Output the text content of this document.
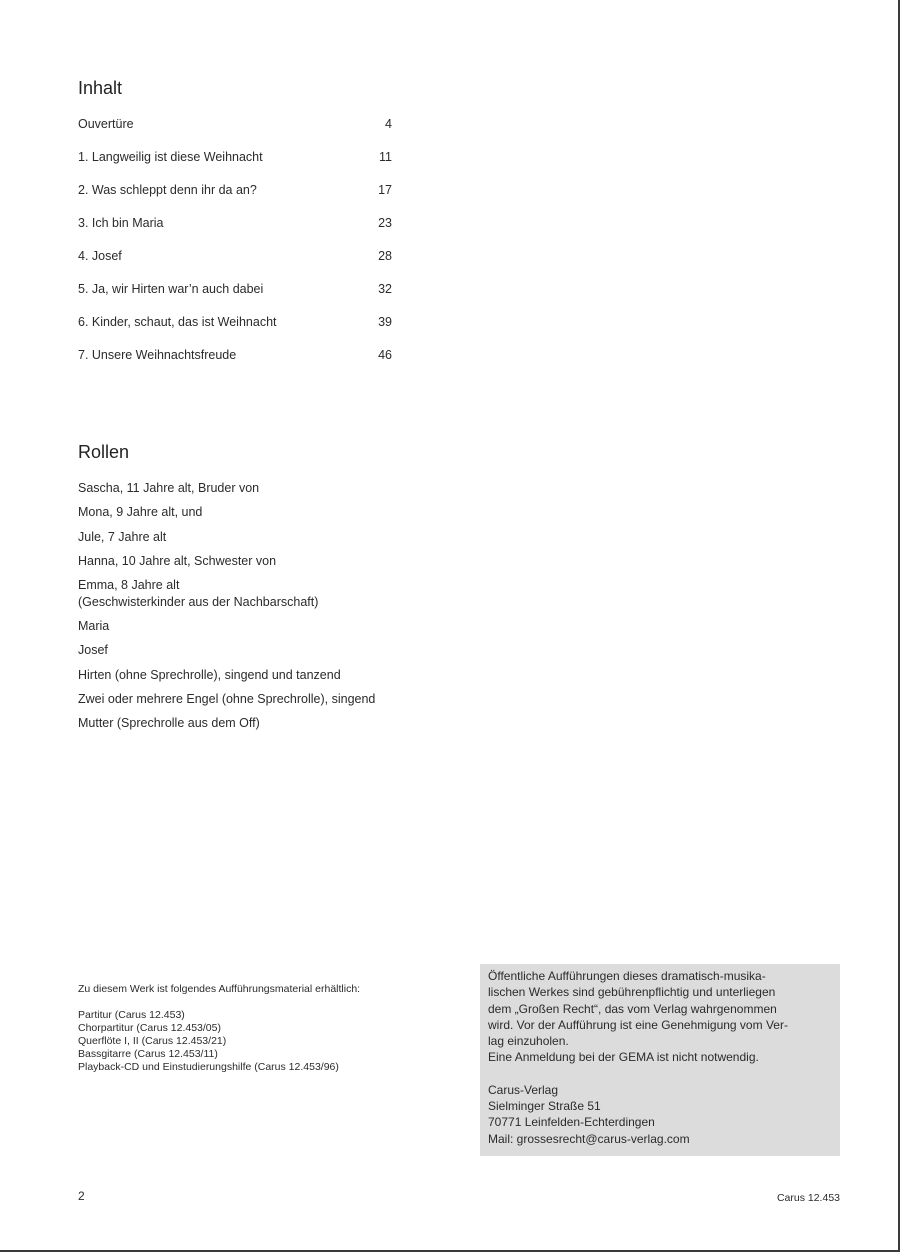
Inhalt
Ouvertüre	4
1. Langweilig ist diese Weihnacht	11
2. Was schleppt denn ihr da an?	17
3. Ich bin Maria	23
4. Josef	28
5. Ja, wir Hirten war’n auch dabei	32
6. Kinder, schaut, das ist Weihnacht	39
7. Unsere Weihnachtsfreude	46
Rollen
Sascha, 11 Jahre alt, Bruder von
Mona, 9 Jahre alt, und
Jule, 7 Jahre alt
Hanna, 10 Jahre alt, Schwester von
Emma, 8 Jahre alt
(Geschwisterkinder aus der Nachbarschaft)
Maria
Josef
Hirten (ohne Sprechrolle), singend und tanzend
Zwei oder mehrere Engel (ohne Sprechrolle), singend
Mutter (Sprechrolle aus dem Off)
Zu diesem Werk ist folgendes Aufführungsmaterial erhältlich:
Partitur (Carus 12.453)
Chorpartitur (Carus 12.453/05)
Querflöte I, II (Carus 12.453/21)
Bassgitarre (Carus 12.453/11)
Playback-CD und Einstudierungshilfe (Carus 12.453/96)
Öffentliche Aufführungen dieses dramatisch-musika-
lischen Werkes sind gebührenpflichtig und unterliegen
dem „Großen Recht“, das vom Verlag wahrgenommen
wird. Vor der Aufführung ist eine Genehmigung vom Ver-
lag einzuholen.
Eine Anmeldung bei der GEMA ist nicht notwendig.
Carus-Verlag
Sielminger Straße 51
70771 Leinfelden-Echterdingen
Mail: grossesrecht@carus-verlag.com
2	Carus 12.453
